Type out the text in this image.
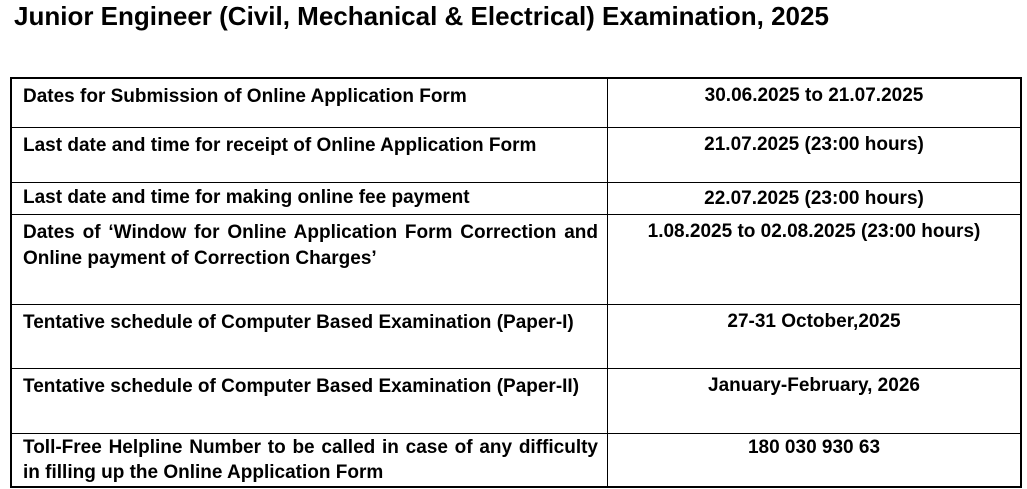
Junior Engineer (Civil, Mechanical & Electrical) Examination, 2025
Dates for Submission of Online Application Form	30.06.2025 to 21.07.2025
Last date and time for receipt of Online Application Form	21.07.2025 (23:00 hours)
Last date and time for making online fee payment	22.07.2025 (23:00 hours)
Dates of ‘Window for Online Application Form Correction and Online payment of Correction Charges’	1.08.2025 to 02.08.2025 (23:00 hours)
Tentative schedule of Computer Based Examination (Paper-I)	27-31 October,2025
Tentative schedule of Computer Based Examination (Paper-II)	January-February, 2026
Toll-Free Helpline Number to be called in case of any difficulty in filling up the Online Application Form	180 030 930 63
